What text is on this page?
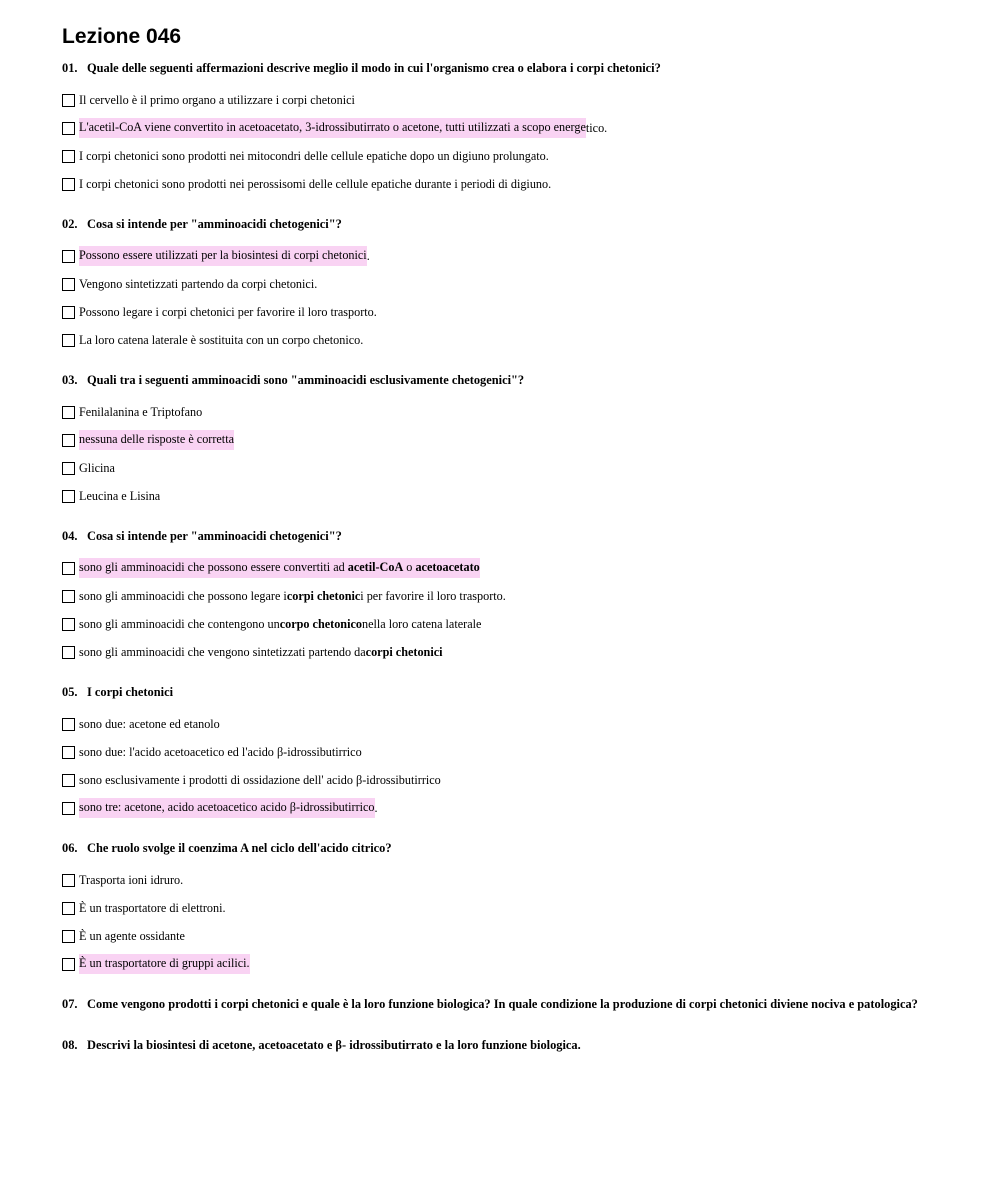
Lezione 046
01. Quale delle seguenti affermazioni descrive meglio il modo in cui l'organismo crea o elabora i corpi chetonici?
Il cervello è il primo organo a utilizzare i corpi chetonici
L'acetil-CoA viene convertito in acetoacetato, 3-idrossibutirrato o acetone, tutti utilizzati a scopo energe tico.
I corpi chetonici sono prodotti nei mitocondri delle cellule epatiche dopo un digiuno prolungato.
I corpi chetonici sono prodotti nei perossisomi delle cellule epatiche durante i periodi di digiuno.
02. Cosa si intende per "amminoacidi chetogenici"?
Possono essere utilizzati per la biosintesi di corpi chetonici .
Vengono sintetizzati partendo da corpi chetonici.
Possono legare i corpi chetonici per favorire il loro trasporto.
La loro catena laterale è sostituita con un corpo chetonico.
03. Quali tra i seguenti amminoacidi sono "amminoacidi esclusivamente chetogenici"?
Fenilalanina e Triptofano
nessuna delle risposte è corretta
Glicina
Leucina e Lisina
04. Cosa si intende per "amminoacidi chetogenici"?
sono gli amminoacidi che possono essere convertiti ad acetil-CoA o acetoacetato
sono gli amminoacidi che possono legare i corpi chetonic i per favorire il loro trasporto.
sono gli amminoacidi che contengono un corpo chetonico nella loro catena laterale
sono gli amminoacidi che vengono sintetizzati partendo da corpi chetonici
05. I corpi chetonici
sono due: acetone ed etanolo
sono due: l'acido acetoacetico ed l'acido β-idrossibutirrico
sono esclusivamente i prodotti di ossidazione dell' acido β-idrossibutirrico
sono tre: acetone, acido acetoacetico acido β-idrossibutirrico .
06. Che ruolo svolge il coenzima A nel ciclo dell'acido citrico?
Trasporta ioni idruro.
È un trasportatore di elettroni.
È un agente ossidante
È un trasportatore di gruppi acilici.
07. Come vengono prodotti i corpi chetonici e quale è la loro funzione biologica? In quale condizione la produzione di corpi chetonici diviene nociva e patologica?
08. Descrivi la biosintesi di acetone, acetoacetato e β- idrossibutirrato e la loro funzione biologica.
